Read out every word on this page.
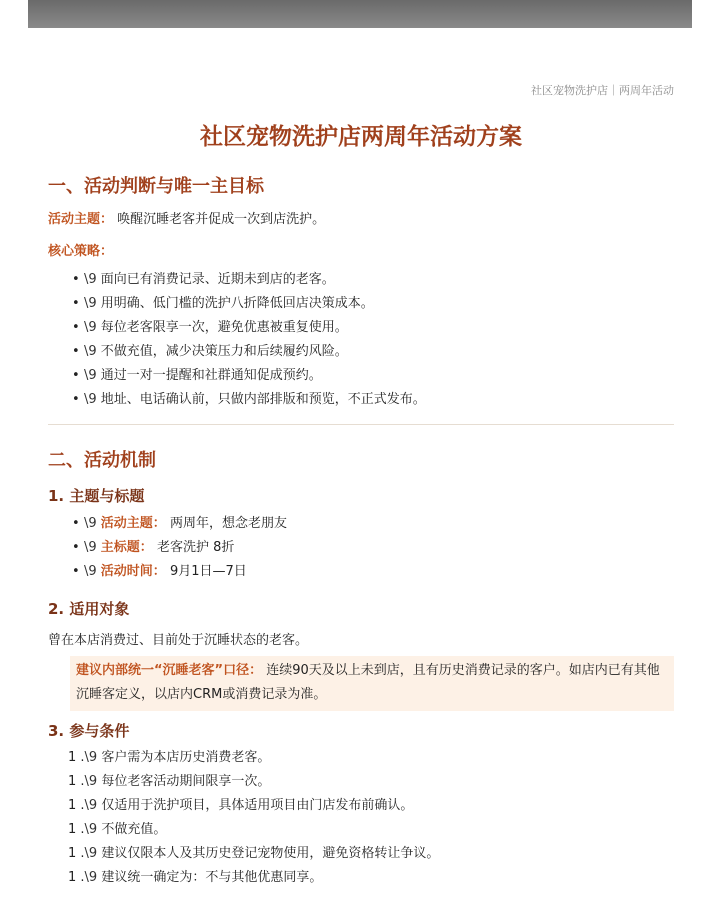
社区宠物洗护店｜两周年活动
社区宠物洗护店两周年活动方案
一、活动判断与唯一主目标
活动主题： 唤醒沉睡老客并促成一次到店洗护。
核心策略：
• \9 面向已有消费记录、近期未到店的老客。
• \9 用明确、低门槛的洗护八折降低回店决策成本。
• \9 每位老客限享一次，避免优惠被重复使用。
• \9 不做充值，减少决策压力和后续履约风险。
• \9 通过一对一提醒和社群通知促成预约。
• \9 地址、电话确认前，只做内部排版和预览，不正式发布。
二、活动机制
1. 主题与标题
• \9 活动主题： 两周年，想念老朋友
• \9 主标题： 老客洗护 8折
• \9 活动时间： 9月1日—7日
2. 适用对象
曾在本店消费过、目前处于沉睡状态的老客。
建议内部统一“沉睡老客”口径： 连续90天及以上未到店，且有历史消费记录的客户。如店内已有其他沉睡客定义，以店内CRM或消费记录为准。
3. 参与条件
1 .\9 客户需为本店历史消费老客。
1 .\9 每位老客活动期间限享一次。
1 .\9 仅适用于洗护项目，具体适用项目由门店发布前确认。
1 .\9 不做充值。
1 .\9 建议仅限本人及其历史登记宠物使用，避免资格转让争议。
1 .\9 建议统一确定为：不与其他优惠同享。
